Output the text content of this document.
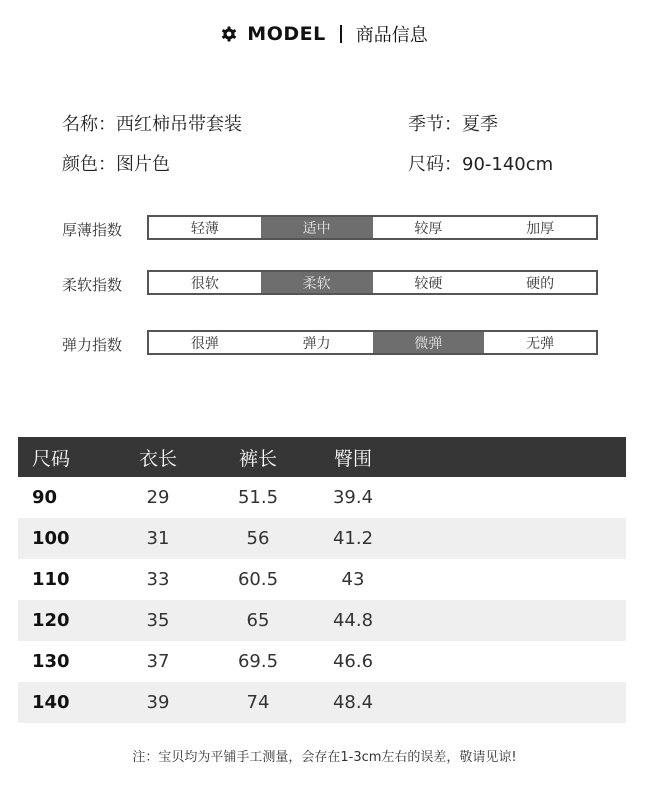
MODEL 商品信息
名称：西红柿吊带套装	季节：夏季
颜色：图片色	尺码：90-140cm
厚薄指数	轻薄	适中	较厚	加厚
柔软指数	很软	柔软	较硬	硬的
弹力指数	很弹	弹力	微弹	无弹
尺码	衣长	裤长	臀围
90	29	51.5	39.4
100	31	56	41.2
110	33	60.5	43
120	35	65	44.8
130	37	69.5	46.6
140	39	74	48.4
注：宝贝均为平铺手工测量，会存在1-3cm左右的误差，敬请见谅!
